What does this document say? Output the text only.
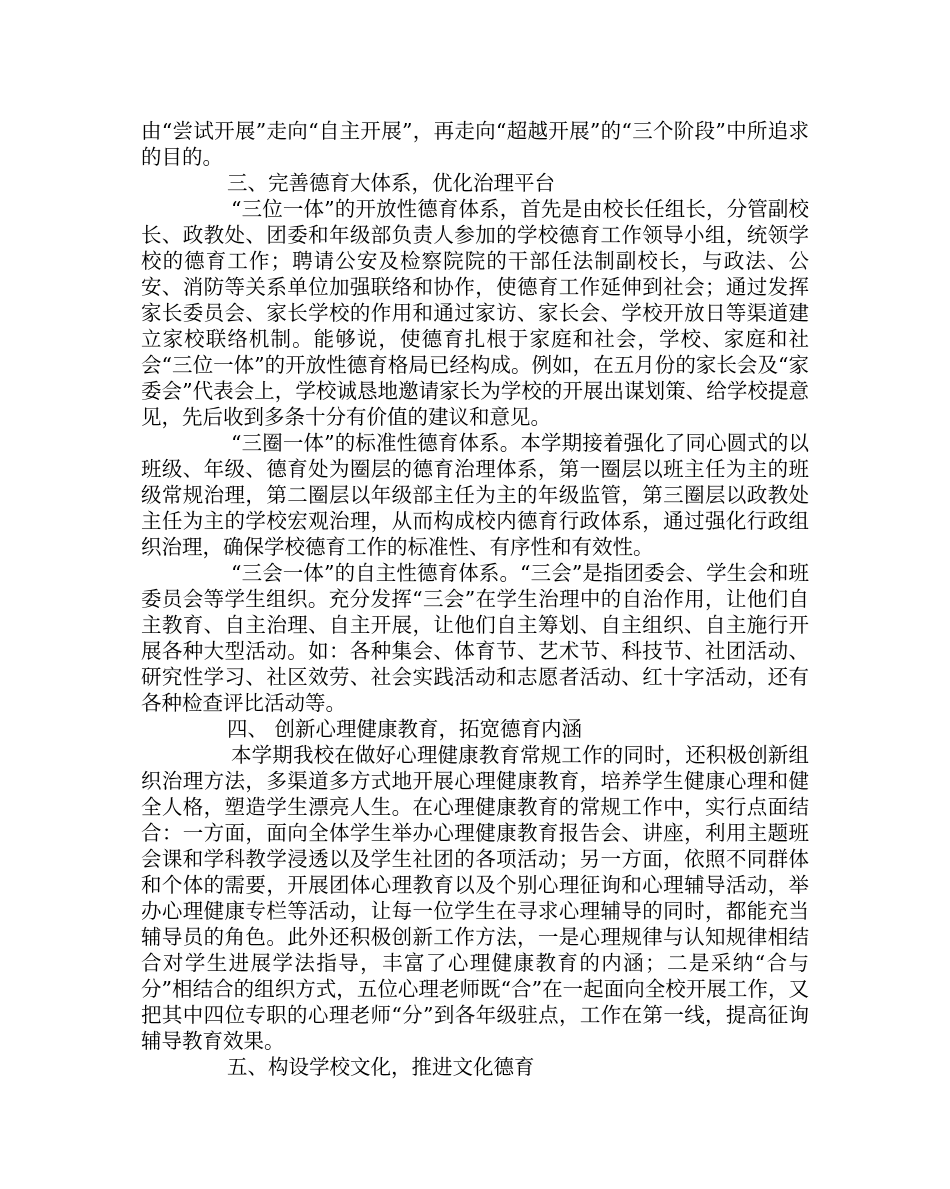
由“尝试开展”走向“自主开展”，再走向“超越开展”的“三个阶段”中所追求的目的。

三、完善德育大体系，优化治理平台

“三位一体”的开放性德育体系，首先是由校长任组长，分管副校长、政教处、团委和年级部负责人参加的学校德育工作领导小组，统领学校的德育工作；聘请公安及检察院院的干部任法制副校长，与政法、公安、消防等关系单位加强联络和协作，使德育工作延伸到社会；通过发挥家长委员会、家长学校的作用和通过家访、家长会、学校开放日等渠道建立家校联络机制。能够说，使德育扎根于家庭和社会，学校、家庭和社会“三位一体”的开放性德育格局已经构成。例如，在五月份的家长会及“家委会”代表会上，学校诚恳地邀请家长为学校的开展出谋划策、给学校提意见，先后收到多条十分有价值的建议和意见。

“三圈一体”的标准性德育体系。本学期接着强化了同心圆式的以班级、年级、德育处为圈层的德育治理体系，第一圈层以班主任为主的班级常规治理，第二圈层以年级部主任为主的年级监管，第三圈层以政教处主任为主的学校宏观治理，从而构成校内德育行政体系，通过强化行政组织治理，确保学校德育工作的标准性、有序性和有效性。

“三会一体”的自主性德育体系。“三会”是指团委会、学生会和班委员会等学生组织。充分发挥“三会”在学生治理中的自治作用，让他们自主教育、自主治理、自主开展，让他们自主筹划、自主组织、自主施行开展各种大型活动。如：各种集会、体育节、艺术节、科技节、社团活动、研究性学习、社区效劳、社会实践活动和志愿者活动、红十字活动，还有各种检查评比活动等。

四、 创新心理健康教育，拓宽德育内涵

本学期我校在做好心理健康教育常规工作的同时，还积极创新组织治理方法，多渠道多方式地开展心理健康教育，培养学生健康心理和健全人格，塑造学生漂亮人生。在心理健康教育的常规工作中，实行点面结合：一方面，面向全体学生举办心理健康教育报告会、讲座，利用主题班会课和学科教学浸透以及学生社团的各项活动；另一方面，依照不同群体和个体的需要，开展团体心理教育以及个别心理征询和心理辅导活动，举办心理健康专栏等活动，让每一位学生在寻求心理辅导的同时，都能充当辅导员的角色。此外还积极创新工作方法，一是心理规律与认知规律相结合对学生进展学法指导，丰富了心理健康教育的内涵；二是采纳“合与分”相结合的组织方式，五位心理老师既“合”在一起面向全校开展工作，又把其中四位专职的心理老师“分”到各年级驻点，工作在第一线，提高征询辅导教育效果。

五、构设学校文化，推进文化德育
